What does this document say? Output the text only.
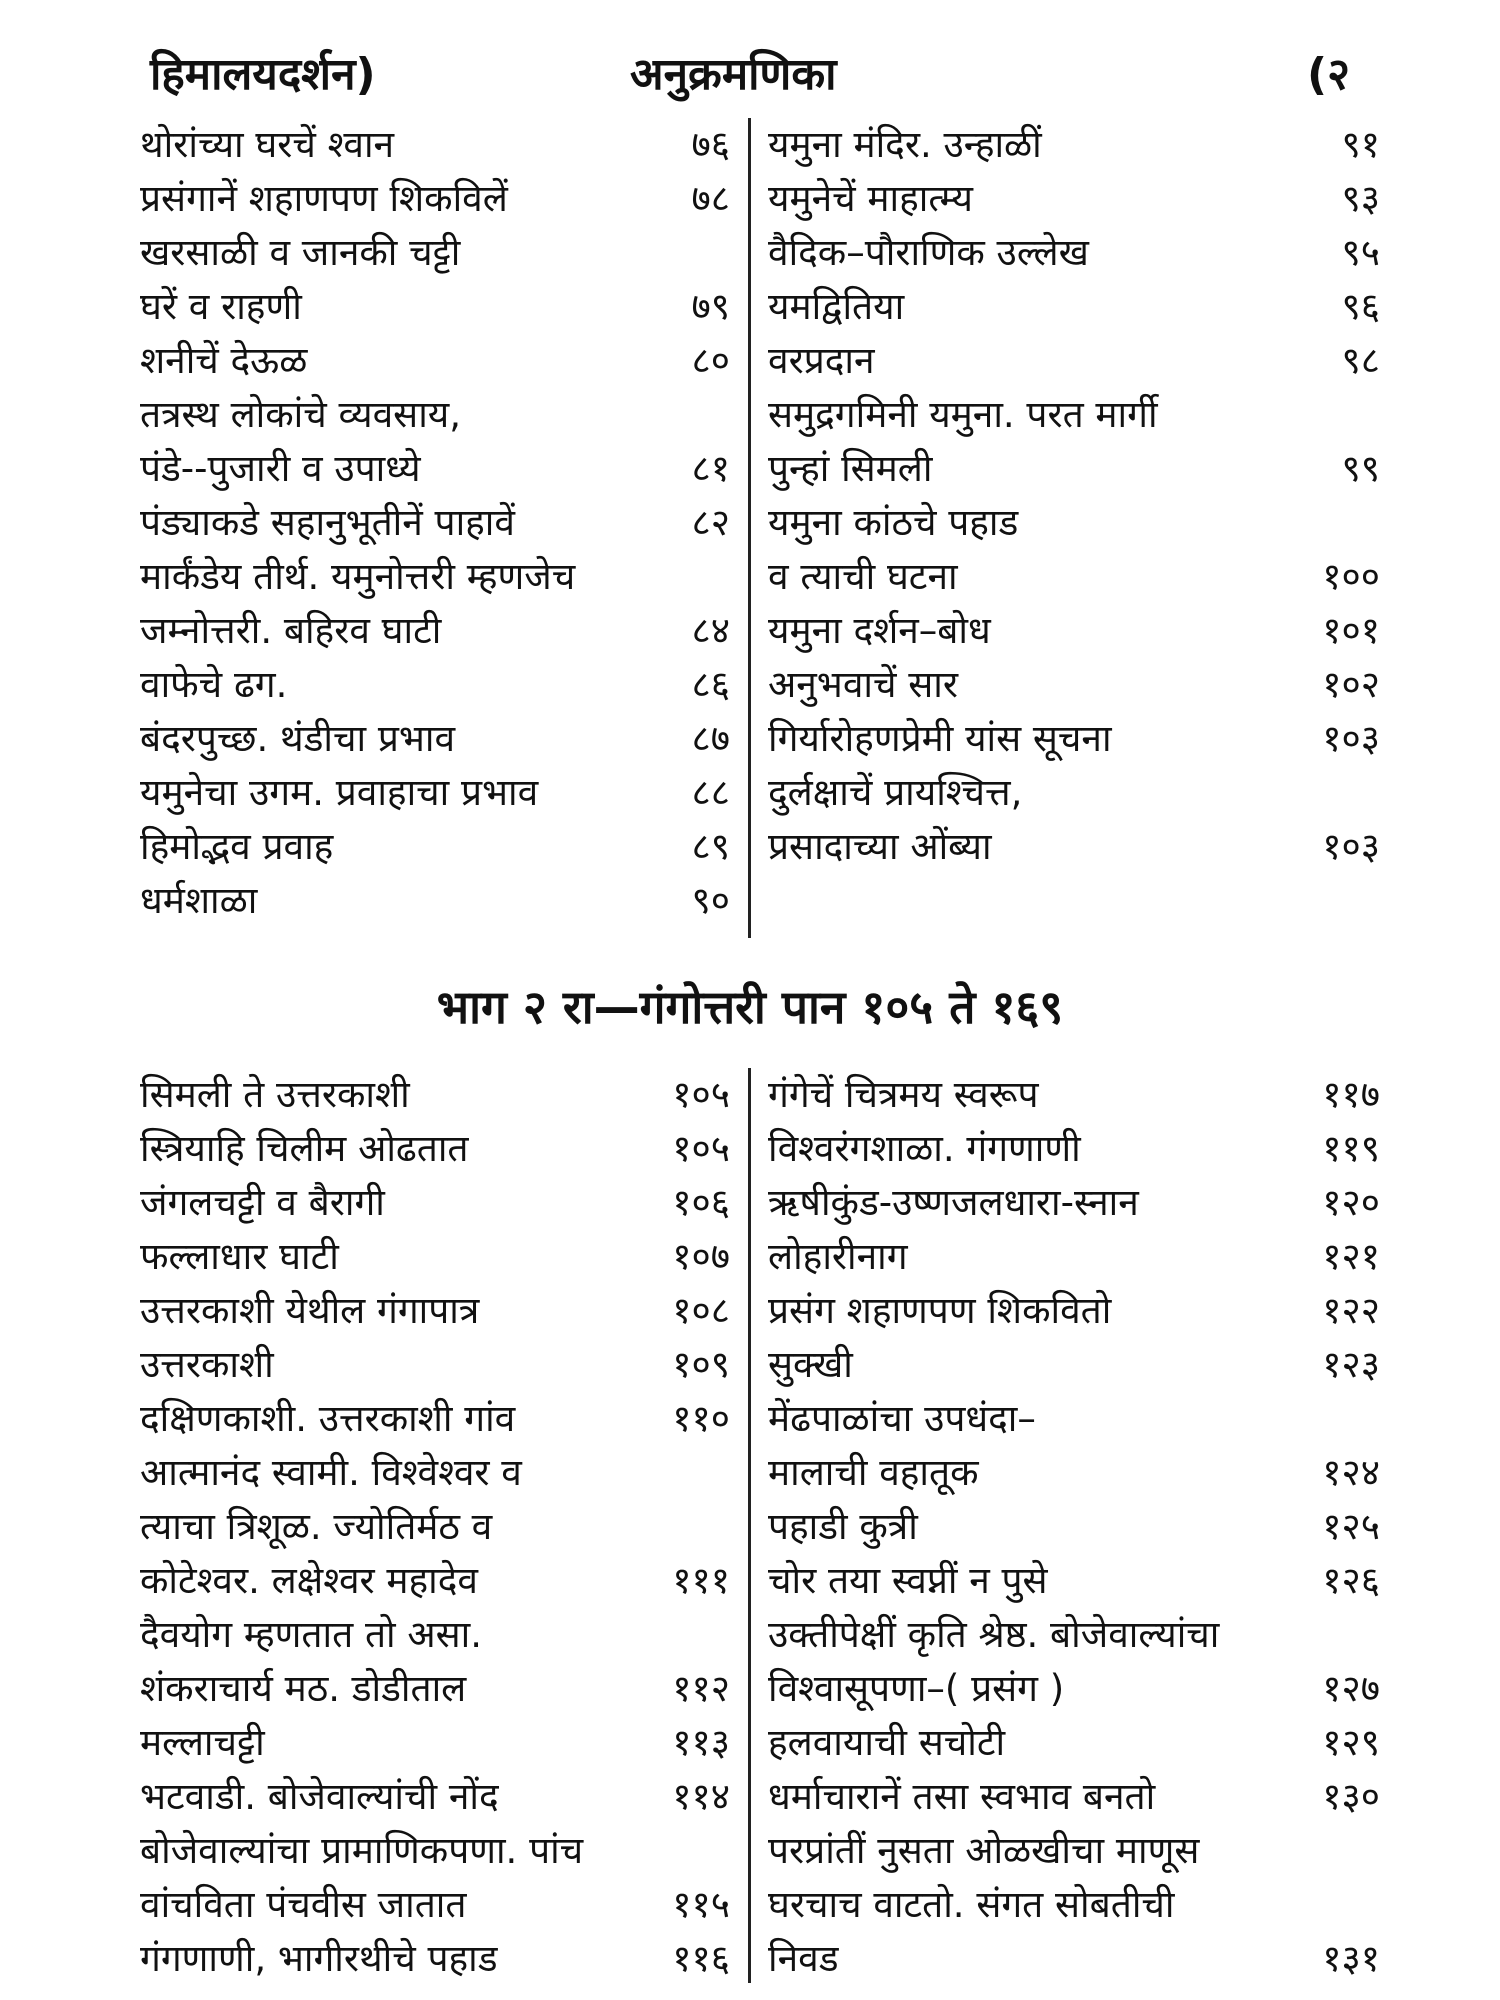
हिमालयदर्शन)	अनुक्रमणिका	(२
थोरांच्या घरचें श्वान	७६
प्रसंगानें शहाणपण शिकविलें	७८
खरसाळी व जानकी चट्टी
घरें व राहणी	७९
शनीचें देऊळ	८०
तत्रस्थ लोकांचे व्यवसाय,
पंडे--पुजारी व उपाध्ये	८१
पंड्याकडे सहानुभूतीनें पाहावें	८२
मार्कंडेय तीर्थ. यमुनोत्तरी म्हणजेच
जम्नोत्तरी. बहिरव घाटी	८४
वाफेचे ढग.	८६
बंदरपुच्छ. थंडीचा प्रभाव	८७
यमुनेचा उगम. प्रवाहाचा प्रभाव	८८
हिमोद्भव प्रवाह	८९
धर्मशाळा	९०
यमुना मंदिर. उन्हाळीं	९१
यमुनेचें माहात्म्य	९३
वैदिक–पौराणिक उल्लेख	९५
यमद्वितिया	९६
वरप्रदान	९८
समुद्रगमिनी यमुना. परत मार्गी
पुन्हां सिमली	९९
यमुना कांठचे पहाड
व त्याची घटना	१००
यमुना दर्शन–बोध	१०१
अनुभवाचें सार	१०२
गिर्यारोहणप्रेमी यांस सूचना	१०३
दुर्लक्षाचें प्रायश्चित्त,
प्रसादाच्या ओंब्या	१०३
भाग २ रा—गंगोत्तरी पान १०५ ते १६९
सिमली ते उत्तरकाशी	१०५
स्त्रियाहि चिलीम ओढतात	१०५
जंगलचट्टी व बैरागी	१०६
फल्लाधार घाटी	१०७
उत्तरकाशी येथील गंगापात्र	१०८
उत्तरकाशी	१०९
दक्षिणकाशी. उत्तरकाशी गांव	११०
आत्मानंद स्वामी. विश्वेश्वर व
त्याचा त्रिशूळ. ज्योतिर्मठ व
कोटेश्वर. लक्षेश्वर महादेव	१११
दैवयोग म्हणतात तो असा.
शंकराचार्य मठ. डोडीताल	११२
मल्लाचट्टी	११३
भटवाडी. बोजेवाल्यांची नोंद	११४
बोजेवाल्यांचा प्रामाणिकपणा. पांच
वांचविता पंचवीस जातात	११५
गंगणाणी, भागीरथीचे पहाड	११६
गंगेचें चित्रमय स्वरूप	११७
विश्वरंगशाळा. गंगणाणी	११९
ऋषीकुंड-उष्णजलधारा-स्नान	१२०
लोहारीनाग	१२१
प्रसंग शहाणपण शिकवितो	१२२
सुक्खी	१२३
मेंढपाळांचा उपधंदा–
मालाची वहातूक	१२४
पहाडी कुत्री	१२५
चोर तया स्वप्नीं न पुसे	१२६
उक्तीपेक्षीं कृति श्रेष्ठ. बोजेवाल्यांचा
विश्वासूपणा–( प्रसंग )	१२७
हलवायाची सचोटी	१२९
धर्माचारानें तसा स्वभाव बनतो	१३०
परप्रांतीं नुसता ओळखीचा माणूस
घरचाच वाटतो. संगत सोबतीची
निवड	१३१
